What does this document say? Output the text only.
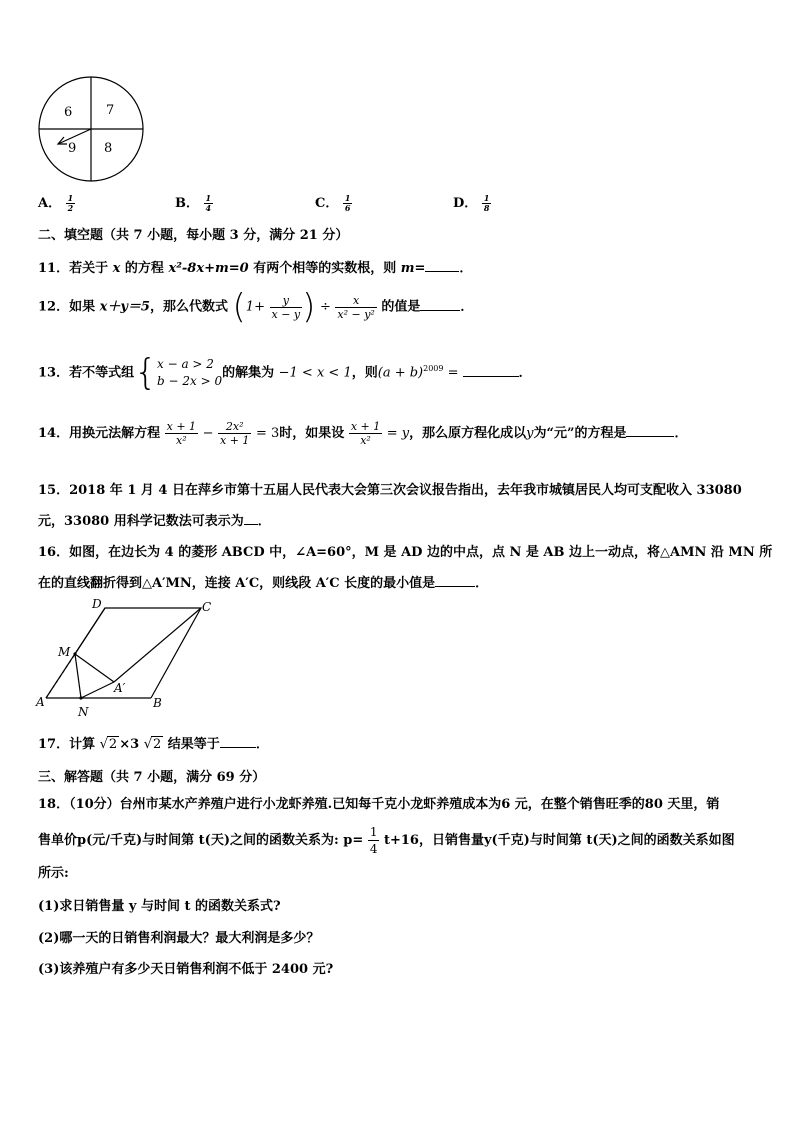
6	7
9 8
A． $\frac{1}{2}$	B． $\frac{1}{4}$	C． $\frac{1}{6}$	D． $\frac{1}{8}$
二、填空题（共 7 小题，每小题 3 分，满分 21 分）
11．若关于 x 的方程 x²-8x+m=0 有两个相等的实数根，则 m=	．
12．如果 x＋y＝5，那么代数式 ($1+ \frac{y}{x - y}$ ) ÷ $\frac{x}{\text{x² − y²}}$ 的值是	．
13．若不等式组{x − a > 2
b − 2x > 0的解集为 −1 < x < 1，则$(a + b)^{2009}$ =	．
14．用换元法解方程 $\frac{x + 1}{\text{x²}} - \frac{\text{2x²}}{x + 1} = 3$时，如果设 $\frac{x + 1}{\text{x²}} = y$，那么原方程化成以y为“元”的方程是	．
15．2018 年 1 月 4 日在萍乡市第十五届人民代表大会第三次会议报告指出，去年我市城镇居民人均可支配收入 33080
元，33080 用科学记数法可表示为 ．
16．如图，在边长为 4 的菱形 ABCD 中，∠A=60°，M 是 AD 边的中点，点 N 是 AB 边上一动点，将△AMN 沿 MN 所
在的直线翻折得到△A′MN，连接 A′C，则线段 A′C 长度的最小值是	．
D	C
M
A′
A
N
B
17．计算 √2 ×3 √2 结果等于	．
三、解答题（共 7 小题，满分 69 分）
18．（10分）台州市某水产养殖户进行小龙虾养殖.已知每千克小龙虾养殖成本为6 元，在整个销售旺季的80 天里，销
售单价p(元/千克)与时间第 t(天)之间的函数关系为: $p= \frac{1}{4} t+16$，日销售量y(千克)与时间第 t(天)之间的函数关系如图
所示:
(1)求日销售量 y 与时间 t 的函数关系式?
(2)哪一天的日销售利润最大？最大利润是多少？
(3)该养殖户有多少天日销售利润不低于 2400 元?
